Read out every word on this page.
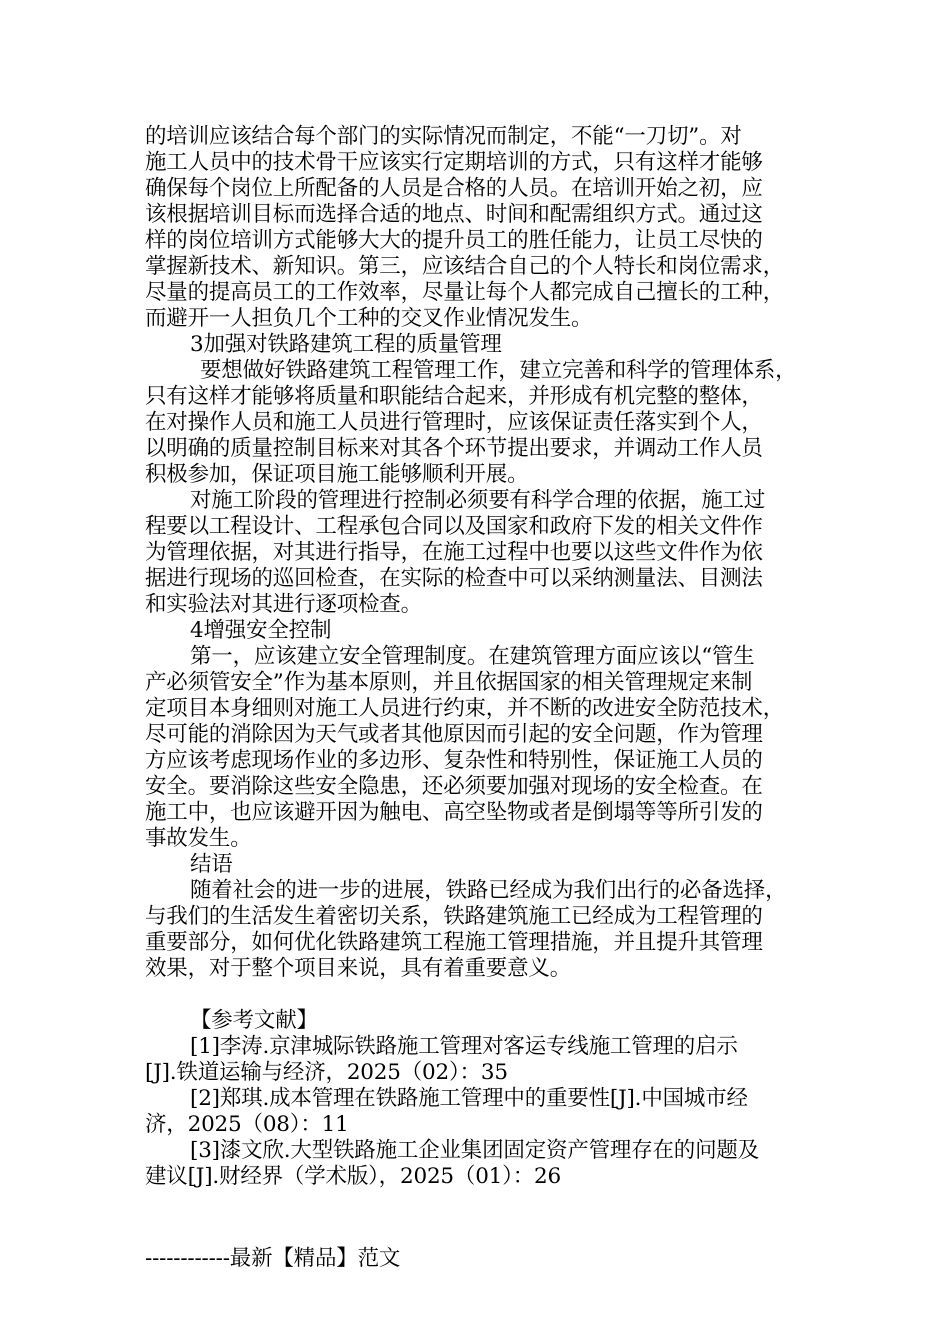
的培训应该结合每个部门的实际情况而制定，不能“一刀切”。对
施工人员中的技术骨干应该实行定期培训的方式，只有这样才能够
确保每个岗位上所配备的人员是合格的人员。在培训开始之初，应
该根据培训目标而选择合适的地点、时间和配需组织方式。通过这
样的岗位培训方式能够大大的提升员工的胜任能力，让员工尽快的
掌握新技术、新知识。第三，应该结合自己的个人特长和岗位需求，
尽量的提高员工的工作效率，尽量让每个人都完成自己擅长的工种，
而避开一人担负几个工种的交叉作业情况发生。
3加强对铁路建筑工程的质量管理
要想做好铁路建筑工程管理工作，建立完善和科学的管理体系，
只有这样才能够将质量和职能结合起来，并形成有机完整的整体，
在对操作人员和施工人员进行管理时，应该保证责任落实到个人，
以明确的质量控制目标来对其各个环节提出要求，并调动工作人员
积极参加，保证项目施工能够顺利开展。
对施工阶段的管理进行控制必须要有科学合理的依据，施工过
程要以工程设计、工程承包合同以及国家和政府下发的相关文件作
为管理依据，对其进行指导，在施工过程中也要以这些文件作为依
据进行现场的巡回检查，在实际的检查中可以采纳测量法、目测法
和实验法对其进行逐项检查。
4增强安全控制
第一，应该建立安全管理制度。在建筑管理方面应该以“管生
产必须管安全”作为基本原则，并且依据国家的相关管理规定来制
定项目本身细则对施工人员进行约束，并不断的改进安全防范技术，
尽可能的消除因为天气或者其他原因而引起的安全问题，作为管理
方应该考虑现场作业的多边形、复杂性和特别性，保证施工人员的
安全。要消除这些安全隐患，还必须要加强对现场的安全检查。在
施工中，也应该避开因为触电、高空坠物或者是倒塌等等所引发的
事故发生。
结语
随着社会的进一步的进展，铁路已经成为我们出行的必备选择，
与我们的生活发生着密切关系，铁路建筑施工已经成为工程管理的
重要部分，如何优化铁路建筑工程施工管理措施，并且提升其管理
效果，对于整个项目来说，具有着重要意义。
【参考文献】
[1]李涛.京津城际铁路施工管理对客运专线施工管理的启示
[J].铁道运输与经济，2025（02）：35
[2]郑琪.成本管理在铁路施工管理中的重要性[J].中国城市经
济，2025（08）：11
[3]漆文欣.大型铁路施工企业集团固定资产管理存在的问题及
建议[J].财经界（学术版），2025（01）：26
------------最新【精品】范文
